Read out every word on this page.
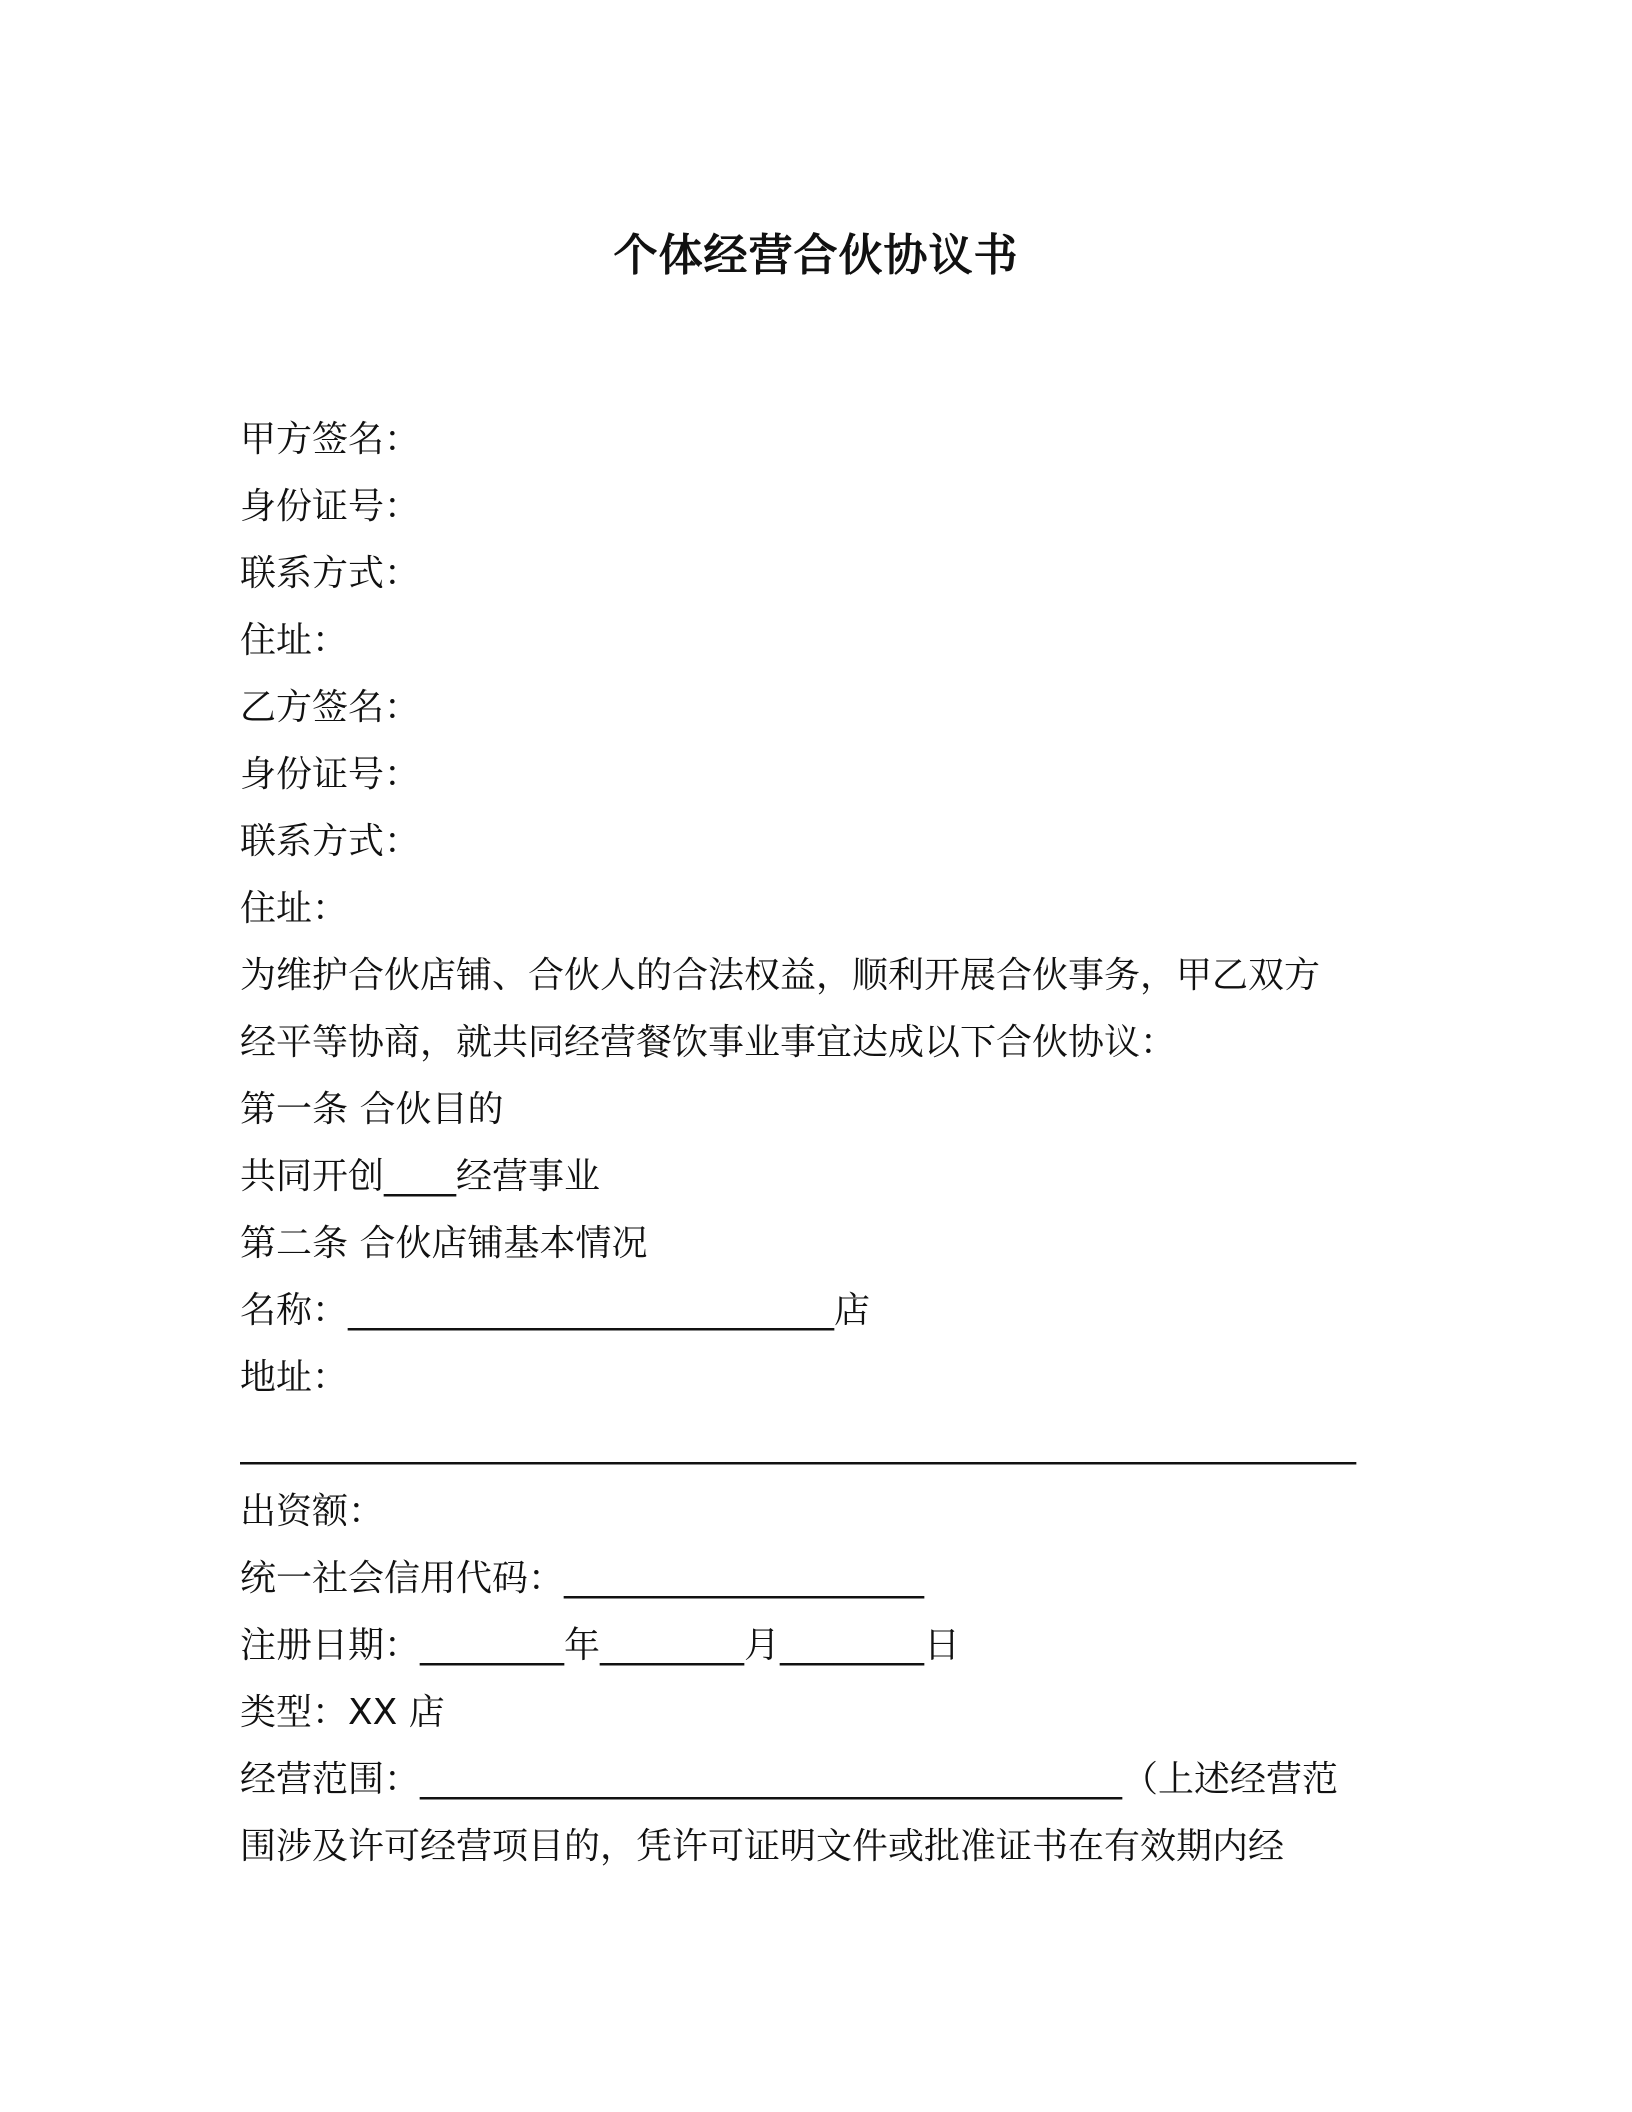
个体经营合伙协议书
甲方签名：
身份证号：
联系方式：
住址：
乙方签名：
身份证号：
联系方式：
住址：
为维护合伙店铺、合伙人的合法权益，顺利开展合伙事务，甲乙双方
经平等协商，就共同经营餐饮事业事宜达成以下合伙协议：
第一条 合伙目的
共同开创____经营事业
第二条 合伙店铺基本情况
名称：___________________________店
地址：
______________________________________________________________
出资额：
统一社会信用代码：____________________
注册日期：________年________月________日
类型：XX 店
经营范围：_______________________________________（上述经营范
围涉及许可经营项目的，凭许可证明文件或批准证书在有效期内经
